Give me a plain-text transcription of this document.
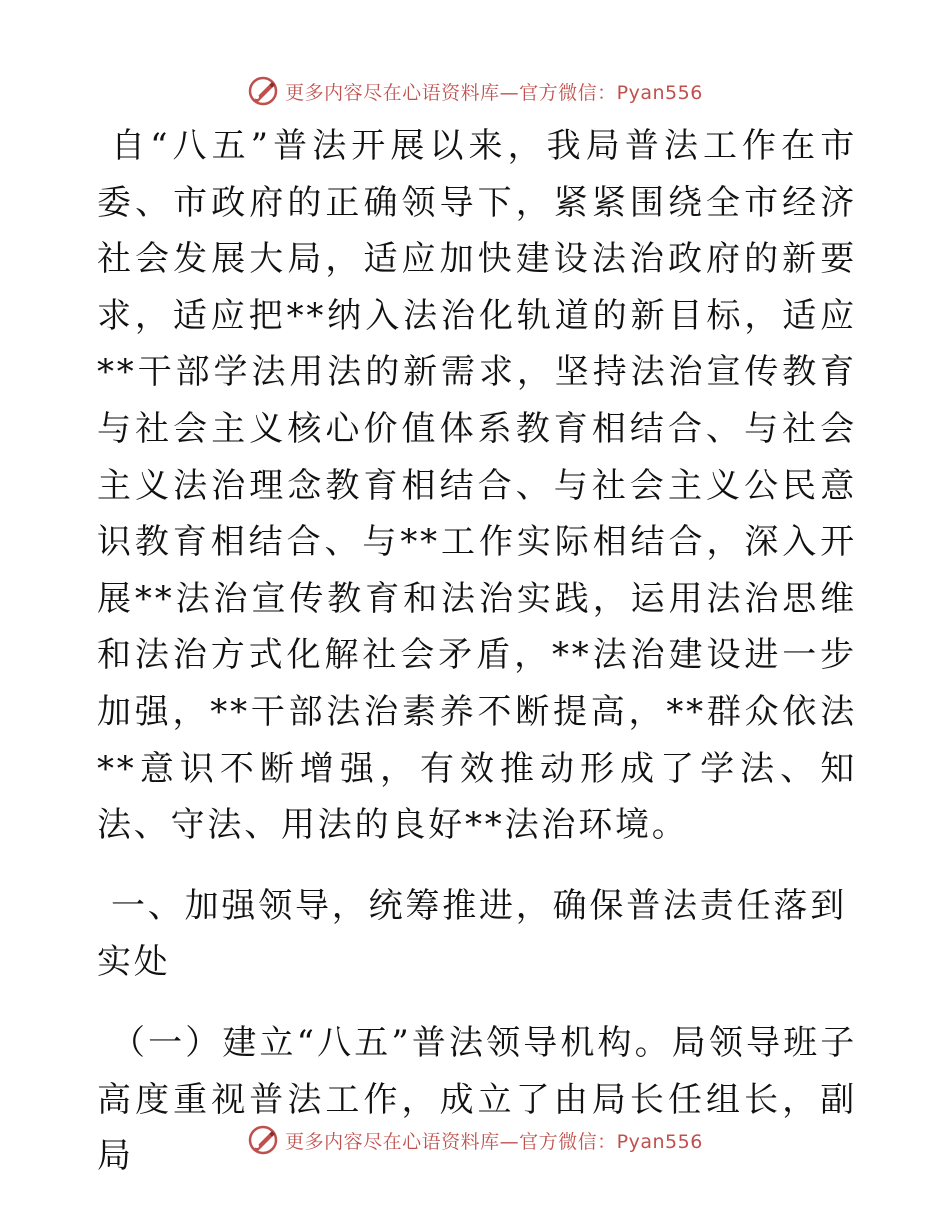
更多内容尽在心语资料库—官方微信：Pyan556

自“八五”普法开展以来，我局普法工作在市委、市政府的正确领导下，紧紧围绕全市经济社会发展大局，适应加快建设法治政府的新要求，适应把**纳入法治化轨道的新目标，适应**干部学法用法的新需求，坚持法治宣传教育与社会主义核心价值体系教育相结合、与社会主义法治理念教育相结合、与社会主义公民意识教育相结合、与**工作实际相结合，深入开展**法治宣传教育和法治实践，运用法治思维和法治方式化解社会矛盾，**法治建设进一步加强，**干部法治素养不断提高，**群众依法**意识不断增强，有效推动形成了学法、知法、守法、用法的良好**法治环境。

一、加强领导，统筹推进，确保普法责任落到实处

（一）建立“八五”普法领导机构。局领导班子高度重视普法工作，成立了由局长任组长，副局	更多内容尽在心语资料库—官方微信：Pyan556
